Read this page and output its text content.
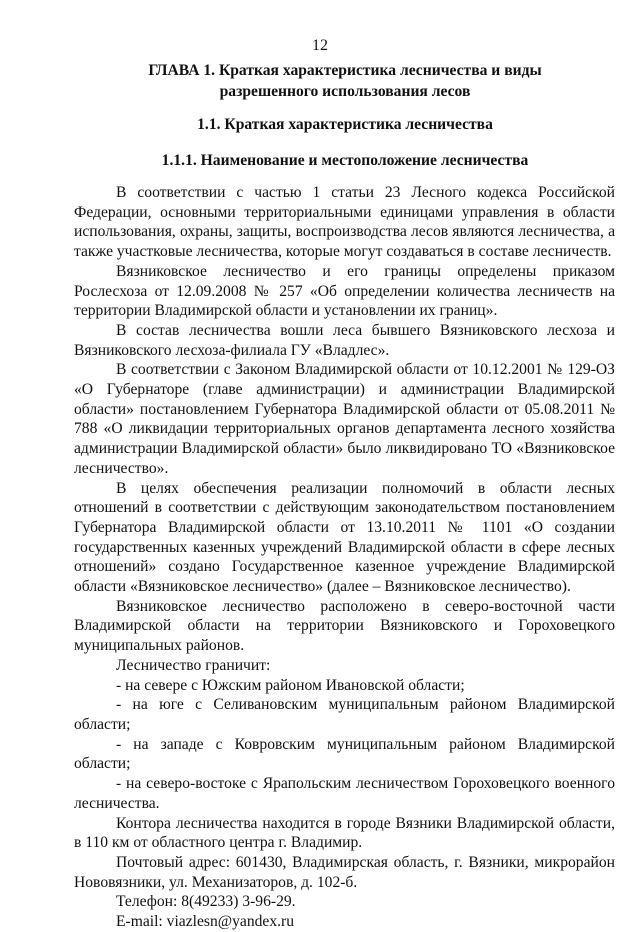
12
ГЛАВА 1. Краткая характеристика лесничества и виды разрешенного использования лесов
1.1. Краткая характеристика лесничества
1.1.1. Наименование и местоположение лесничества

В соответствии с частью 1 статьи 23 Лесного кодекса Российской Федерации, основными территориальными единицами управления в области использования, охраны, защиты, воспроизводства лесов являются лесничества, а также участковые лесничества, которые могут создаваться в составе лесничеств.

Вязниковское лесничество и его границы определены приказом Рослесхоза от 12.09.2008 № 257 «Об определении количества лесничеств на территории Владимирской области и установлении их границ».

В состав лесничества вошли леса бывшего Вязниковского лесхоза и Вязниковского лесхоза-филиала ГУ «Владлес».

В соответствии с Законом Владимирской области от 10.12.2001 № 129-ОЗ «О Губернаторе (главе администрации) и администрации Владимирской области» постановлением Губернатора Владимирской области от 05.08.2011 № 788 «О ликвидации территориальных органов департамента лесного хозяйства администрации Владимирской области» было ликвидировано ТО «Вязниковское лесничество».

В целях обеспечения реализации полномочий в области лесных отношений в соответствии с действующим законодательством постановлением Губернатора Владимирской области от 13.10.2011 № 1101 «О создании государственных казенных учреждений Владимирской области в сфере лесных отношений» создано Государственное казенное учреждение Владимирской области «Вязниковское лесничество» (далее – Вязниковское лесничество).

Вязниковское лесничество расположено в северо-восточной части Владимирской области на территории Вязниковского и Гороховецкого муниципальных районов.

Лесничество граничит:

- на севере с Южским районом Ивановской области;

- на юге с Селивановским муниципальным районом Владимирской области;

- на западе с Ковровским муниципальным районом Владимирской области;

- на северо-востоке с Ярапольским лесничеством Гороховецкого военного лесничества.

Контора лесничества находится в городе Вязники Владимирской области, в 110 км от областного центра г. Владимир.

Почтовый адрес: 601430, Владимирская область, г. Вязники, микрорайон Нововязники, ул. Механизаторов, д. 102-б.

Телефон: 8(49233) 3-96-29.

E-mail: viazlesn@yandex.ru
